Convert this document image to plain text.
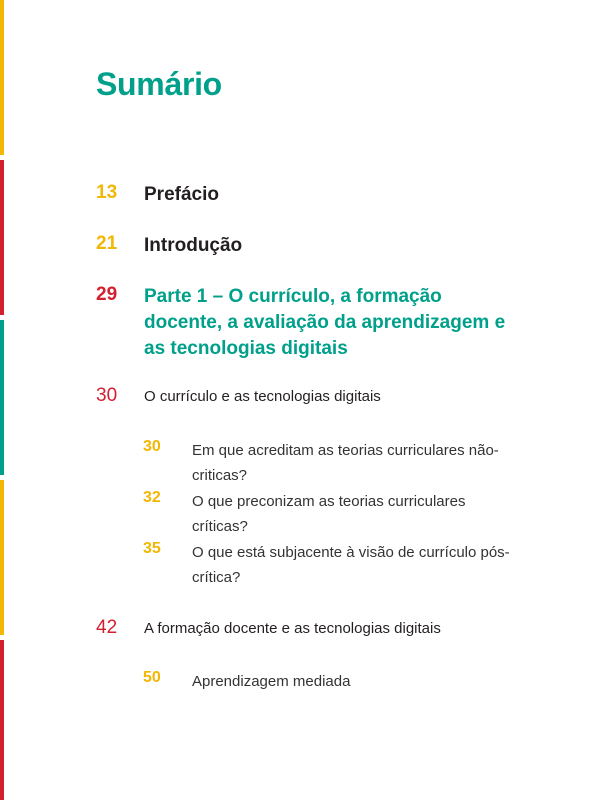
Sumário
13 Prefácio
21 Introdução
29 Parte 1 – O currículo, a formação docente, a avaliação da aprendizagem e as tecnologias digitais
30 O currículo e as tecnologias digitais
30 Em que acreditam as teorias curriculares não-criticas?
32 O que preconizam as teorias curriculares críticas?
35 O que está subjacente à visão de currículo pós-crítica?
42 A formação docente e as tecnologias digitais
50 Aprendizagem mediada
